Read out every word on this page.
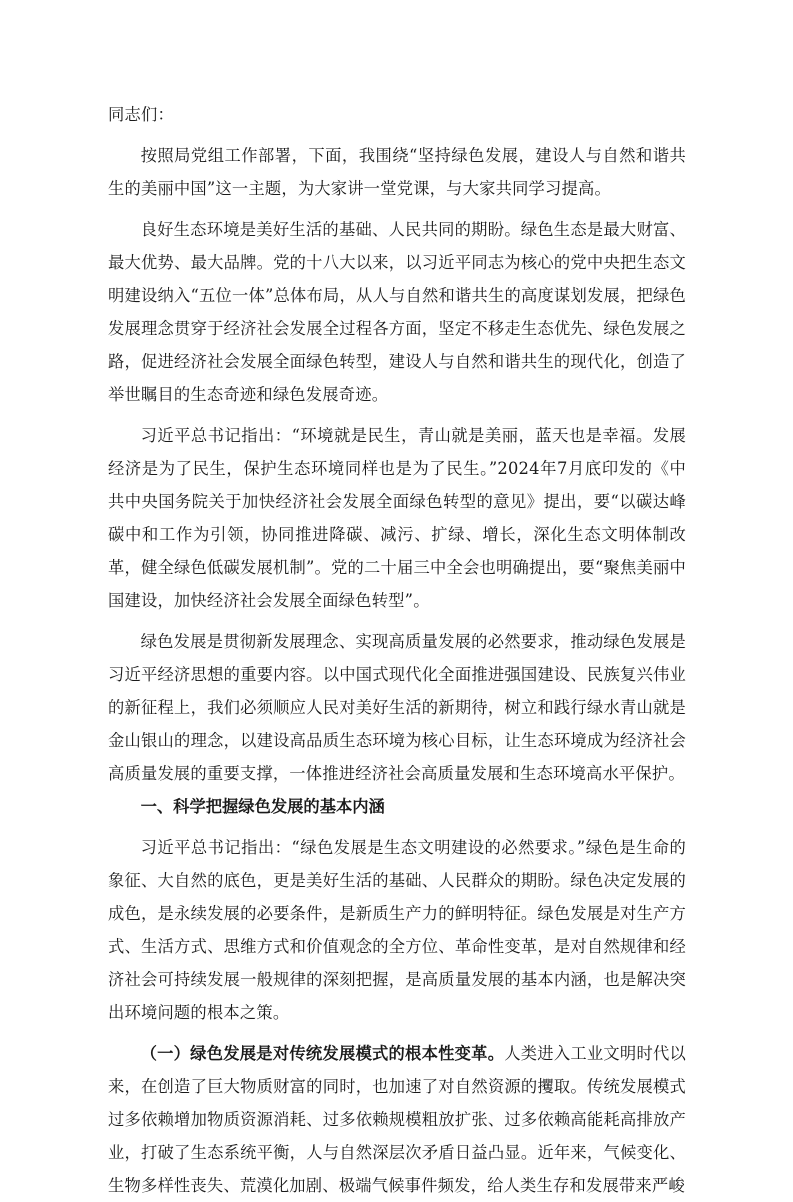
同志们：

按照局党组工作部署，下面，我围绕“坚持绿色发展，建设人与自然和谐共生的美丽中国”这一主题，为大家讲一堂党课，与大家共同学习提高。

良好生态环境是美好生活的基础、人民共同的期盼。绿色生态是最大财富、最大优势、最大品牌。党的十八大以来，以习近平同志为核心的党中央把生态文明建设纳入“五位一体”总体布局，从人与自然和谐共生的高度谋划发展，把绿色发展理念贯穿于经济社会发展全过程各方面，坚定不移走生态优先、绿色发展之路，促进经济社会发展全面绿色转型，建设人与自然和谐共生的现代化，创造了举世瞩目的生态奇迹和绿色发展奇迹。

习近平总书记指出：“环境就是民生，青山就是美丽，蓝天也是幸福。发展经济是为了民生，保护生态环境同样也是为了民生。”2024年7月底印发的《中共中央国务院关于加快经济社会发展全面绿色转型的意见》提出，要“以碳达峰碳中和工作为引领，协同推进降碳、减污、扩绿、增长，深化生态文明体制改革，健全绿色低碳发展机制”。党的二十届三中全会也明确提出，要“聚焦美丽中国建设，加快经济社会发展全面绿色转型”。

绿色发展是贯彻新发展理念、实现高质量发展的必然要求，推动绿色发展是习近平经济思想的重要内容。以中国式现代化全面推进强国建设、民族复兴伟业的新征程上，我们必须顺应人民对美好生活的新期待，树立和践行绿水青山就是金山银山的理念，以建设高品质生态环境为核心目标，让生态环境成为经济社会高质量发展的重要支撑，一体推进经济社会高质量发展和生态环境高水平保护。

一、科学把握绿色发展的基本内涵

习近平总书记指出：“绿色发展是生态文明建设的必然要求。”绿色是生命的象征、大自然的底色，更是美好生活的基础、人民群众的期盼。绿色决定发展的成色，是永续发展的必要条件，是新质生产力的鲜明特征。绿色发展是对生产方式、生活方式、思维方式和价值观念的全方位、革命性变革，是对自然规律和经济社会可持续发展一般规律的深刻把握，是高质量发展的基本内涵，也是解决突出环境问题的根本之策。

（一）绿色发展是对传统发展模式的根本性变革。人类进入工业文明时代以来，在创造了巨大物质财富的同时，也加速了对自然资源的攫取。传统发展模式过多依赖增加物质资源消耗、过多依赖规模粗放扩张、过多依赖高能耗高排放产业，打破了生态系统平衡，人与自然深层次矛盾日益凸显。近年来，气候变化、生物多样性丧失、荒漠化加剧、极端气候事件频发，给人类生存和发展带来严峻
